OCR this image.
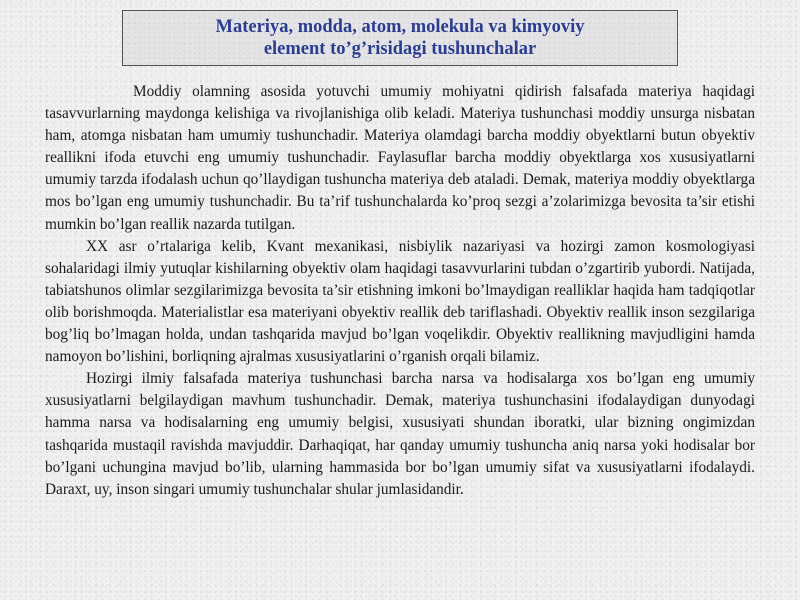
Materiya, modda, atom, molekula va kimyoviy
element to’g’risidagi tushunchalar

Moddiy olamning asosida yotuvchi umumiy mohiyatni qidirish falsafada materiya haqidagi tasavvurlarning maydonga kelishiga va rivojlanishiga olib keladi. Materiya tushunchasi moddiy unsurga nisbatan ham, atomga nisbatan ham umumiy tushunchadir. Materiya olamdagi barcha moddiy obyektlarni butun obyektiv reallikni ifoda etuvchi eng umumiy tushunchadir. Faylasuflar barcha moddiy obyektlarga xos xususiyatlarni umumiy tarzda ifodalash uchun qo’llaydigan tushuncha materiya deb ataladi. Demak, materiya moddiy obyektlarga mos bo’lgan eng umumiy tushunchadir. Bu ta’rif tushunchalarda ko’proq sezgi a’zolarimizga bevosita ta’sir etishi mumkin bo’lgan reallik nazarda tutilgan.

XX asr o’rtalariga kelib, Kvant mexanikasi, nisbiylik nazariyasi va hozirgi zamon kosmologiyasi sohalaridagi ilmiy yutuqlar kishilarning obyektiv olam haqidagi tasavvurlarini tubdan o’zgartirib yubordi. Natijada, tabiatshunos olimlar sezgilarimizga bevosita ta’sir etishning imkoni bo’lmaydigan realliklar haqida ham tadqiqotlar olib borishmoqda. Materialistlar esa materiyani obyektiv reallik deb tariflashadi. Obyektiv reallik inson sezgilariga bog’liq bo’lmagan holda, undan tashqarida mavjud bo’lgan voqelikdir. Obyektiv reallikning mavjudligini hamda namoyon bo’lishini, borliqning ajralmas xususiyatlarini o’rganish orqali bilamiz.

Hozirgi ilmiy falsafada materiya tushunchasi barcha narsa va hodisalarga xos bo’lgan eng umumiy xususiyatlarni belgilaydigan mavhum tushunchadir. Demak, materiya tushunchasini ifodalaydigan dunyodagi hamma narsa va hodisalarning eng umumiy belgisi, xususiyati shundan iboratki, ular bizning ongimizdan tashqarida mustaqil ravishda mavjuddir. Darhaqiqat, har qanday umumiy tushuncha aniq narsa yoki hodisalar bor bo’lgani uchungina mavjud bo’lib, ularning hammasida bor bo’lgan umumiy sifat va xususiyatlarni ifodalaydi. Daraxt, uy, inson singari umumiy tushunchalar shular jumlasidandir.
